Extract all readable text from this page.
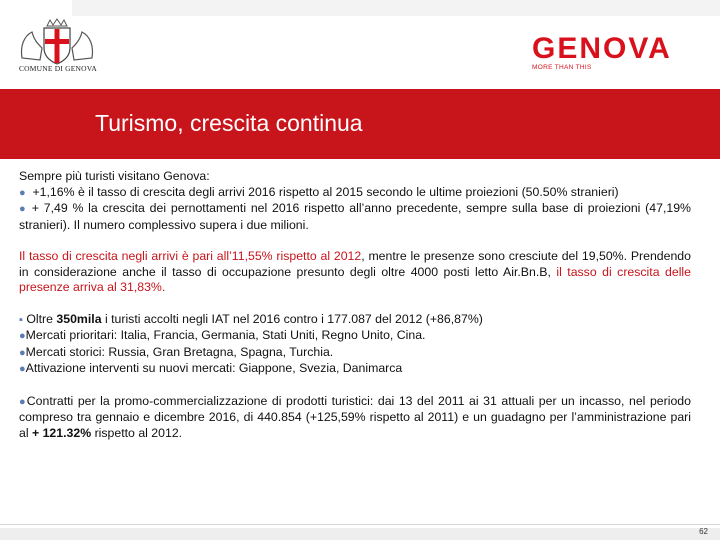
COMUNE DI GENOVA
GENOVA
MORE THAN THIS
Turismo, crescita continua

Sempre più turisti visitano Genova:

● +1,16% è il tasso di crescita degli arrivi 2016 rispetto al 2015 secondo le ultime proiezioni (50.50% stranieri)

● + 7,49 % la crescita dei pernottamenti nel 2016 rispetto all’anno precedente, sempre sulla base di proiezioni (47,19% stranieri). Il numero complessivo supera i due milioni.

Il tasso di crescita negli arrivi è pari all’11,55% rispetto al 2012, mentre le presenze sono cresciute del 19,50%. Prendendo in considerazione anche il tasso di occupazione presunto degli oltre 4000 posti letto Air.Bn.B, il tasso di crescita delle presenze arriva al 31,83%.

▪ Oltre 350mila i turisti accolti negli IAT nel 2016 contro i 177.087 del 2012 (+86,87%)

●Mercati prioritari: Italia, Francia, Germania, Stati Uniti, Regno Unito, Cina.

●Mercati storici: Russia, Gran Bretagna, Spagna, Turchia.

●Attivazione interventi su nuovi mercati: Giappone, Svezia, Danimarca

●Contratti per la promo-commercializzazione di prodotti turistici: dai 13 del 2011 ai 31 attuali per un incasso, nel periodo compreso tra gennaio e dicembre 2016, di 440.854 (+125,59% rispetto al 2011) e un guadagno per l’amministrazione pari al + 121.32% rispetto al 2012.

62
